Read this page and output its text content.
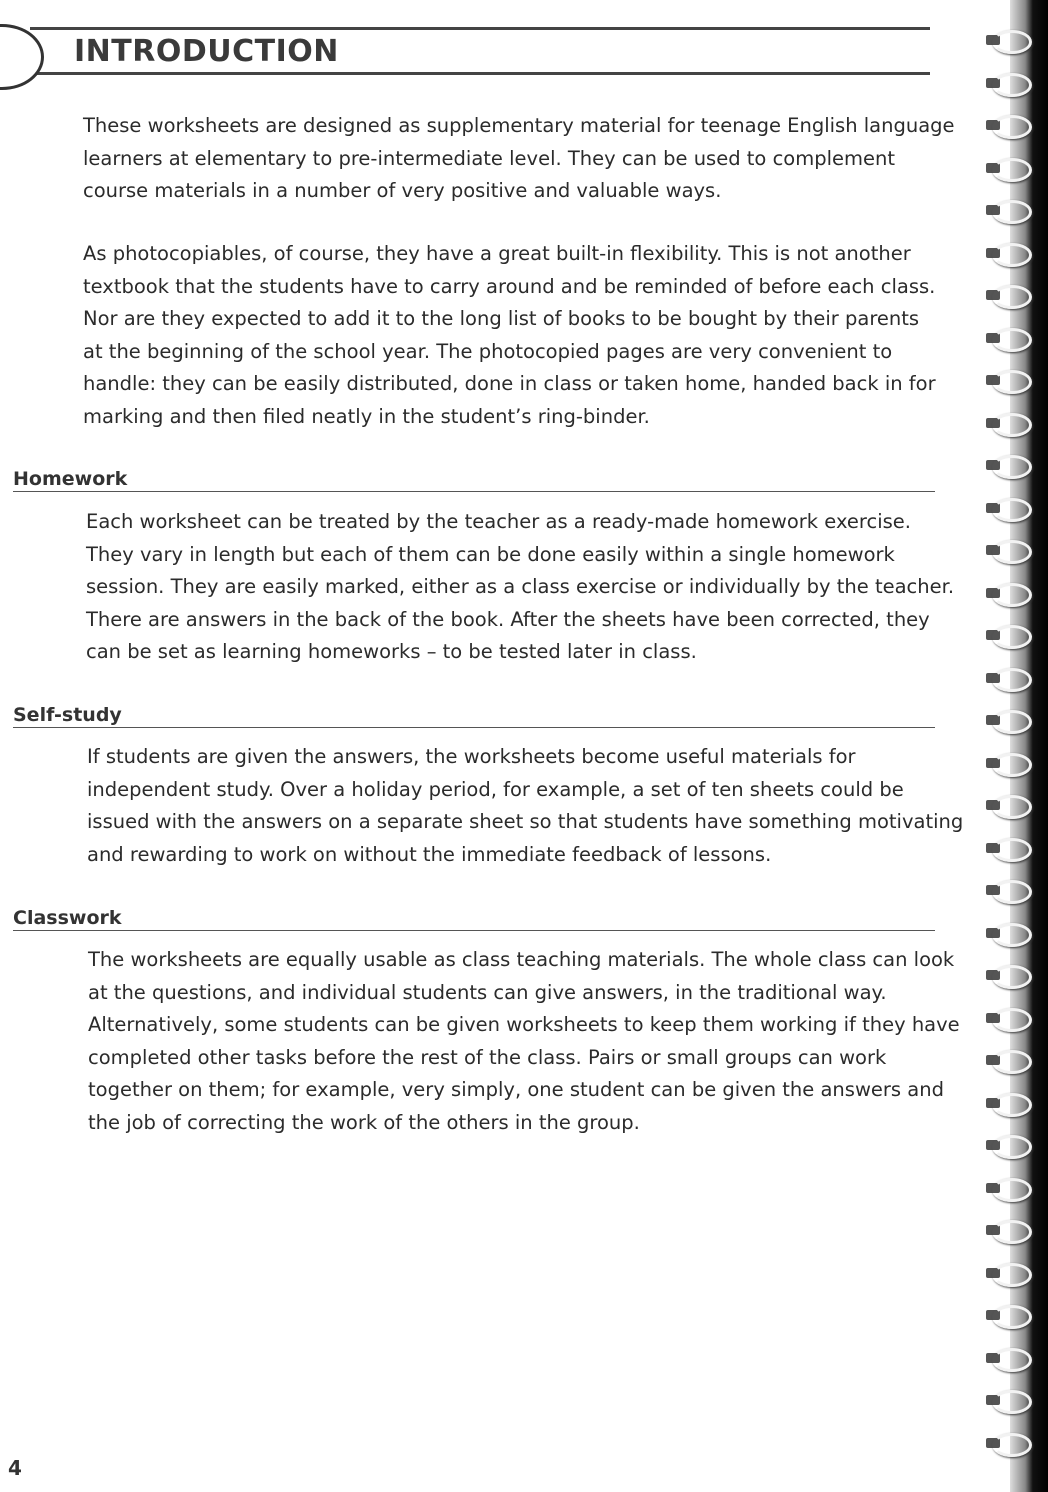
INTRODUCTION
These worksheets are designed as supplementary material for teenage English language
learners at elementary to pre-intermediate level. They can be used to complement
course materials in a number of very positive and valuable ways.
As photocopiables, of course, they have a great built-in flexibility. This is not another
textbook that the students have to carry around and be reminded of before each class.
Nor are they expected to add it to the long list of books to be bought by their parents
at the beginning of the school year. The photocopied pages are very convenient to
handle: they can be easily distributed, done in class or taken home, handed back in for
marking and then filed neatly in the student’s ring-binder.
Homework
Each worksheet can be treated by the teacher as a ready-made homework exercise.
They vary in length but each of them can be done easily within a single homework
session. They are easily marked, either as a class exercise or individually by the teacher.
There are answers in the back of the book. After the sheets have been corrected, they
can be set as learning homeworks – to be tested later in class.
Self-study
If students are given the answers, the worksheets become useful materials for
independent study. Over a holiday period, for example, a set of ten sheets could be
issued with the answers on a separate sheet so that students have something motivating
and rewarding to work on without the immediate feedback of lessons.
Classwork
The worksheets are equally usable as class teaching materials. The whole class can look
at the questions, and individual students can give answers, in the traditional way.
Alternatively, some students can be given worksheets to keep them working if they have
completed other tasks before the rest of the class. Pairs or small groups can work
together on them; for example, very simply, one student can be given the answers and
the job of correcting the work of the others in the group.
4
